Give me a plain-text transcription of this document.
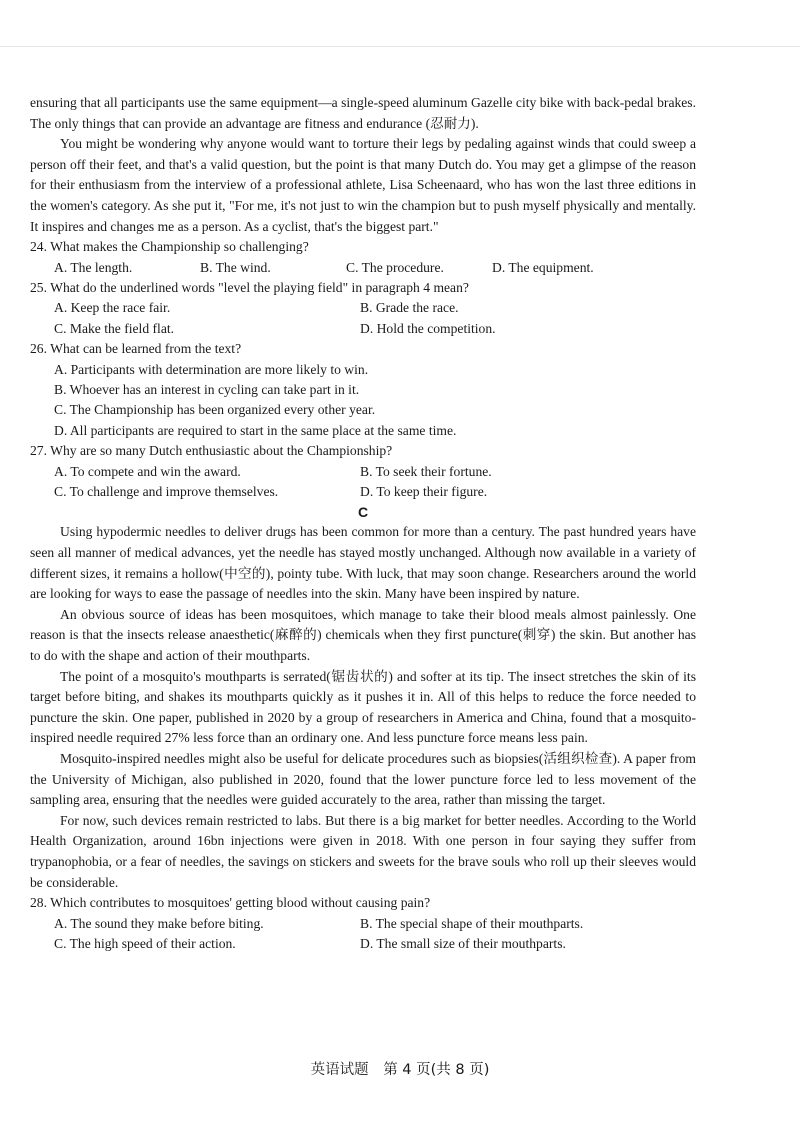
ensuring that all participants use the same equipment—a single-speed aluminum Gazelle city bike with back-pedal brakes. The only things that can provide an advantage are fitness and endurance (忍耐力).

You might be wondering why anyone would want to torture their legs by pedaling against winds that could sweep a person off their feet, and that's a valid question, but the point is that many Dutch do. You may get a glimpse of the reason for their enthusiasm from the interview of a professional athlete, Lisa Scheenaard, who has won the last three editions in the women's category. As she put it, "For me, it's not just to win the champion but to push myself physically and mentally. It inspires and changes me as a person. As a cyclist, that's the biggest part."

24. What makes the Championship so challenging?

A. The length.	B. The wind.	C. The procedure.	D. The equipment.

25. What do the underlined words "level the playing field" in paragraph 4 mean?

A. Keep the race fair.	B. Grade the race.
C. Make the field flat.	D. Hold the competition.

26. What can be learned from the text?

A. Participants with determination are more likely to win.

B. Whoever has an interest in cycling can take part in it.

C. The Championship has been organized every other year.

D. All participants are required to start in the same place at the same time.

27. Why are so many Dutch enthusiastic about the Championship?

A. To compete and win the award.	B. To seek their fortune.
C. To challenge and improve themselves.	D. To keep their figure.

C

Using hypodermic needles to deliver drugs has been common for more than a century. The past hundred years have seen all manner of medical advances, yet the needle has stayed mostly unchanged. Although now available in a variety of different sizes, it remains a hollow(中空的), pointy tube. With luck, that may soon change. Researchers around the world are looking for ways to ease the passage of needles into the skin. Many have been inspired by nature.

An obvious source of ideas has been mosquitoes, which manage to take their blood meals almost painlessly. One reason is that the insects release anaesthetic(麻醉的) chemicals when they first puncture(刺穿) the skin. But another has to do with the shape and action of their mouthparts.

The point of a mosquito's mouthparts is serrated(锯齿状的) and softer at its tip. The insect stretches the skin of its target before biting, and shakes its mouthparts quickly as it pushes it in. All of this helps to reduce the force needed to puncture the skin. One paper, published in 2020 by a group of researchers in America and China, found that a mosquito-inspired needle required 27% less force than an ordinary one. And less puncture force means less pain.

Mosquito-inspired needles might also be useful for delicate procedures such as biopsies(活组织检查). A paper from the University of Michigan, also published in 2020, found that the lower puncture force led to less movement of the sampling area, ensuring that the needles were guided accurately to the area, rather than missing the target.

For now, such devices remain restricted to labs. But there is a big market for better needles. According to the World Health Organization, around 16bn injections were given in 2018. With one person in four saying they suffer from trypanophobia, or a fear of needles, the savings on stickers and sweets for the brave souls who roll up their sleeves would be considerable.

28. Which contributes to mosquitoes' getting blood without causing pain?

A. The sound they make before biting.	B. The special shape of their mouthparts.
C. The high speed of their action.	D. The small size of their mouthparts.
英语试题 第 4 页(共 8 页)
